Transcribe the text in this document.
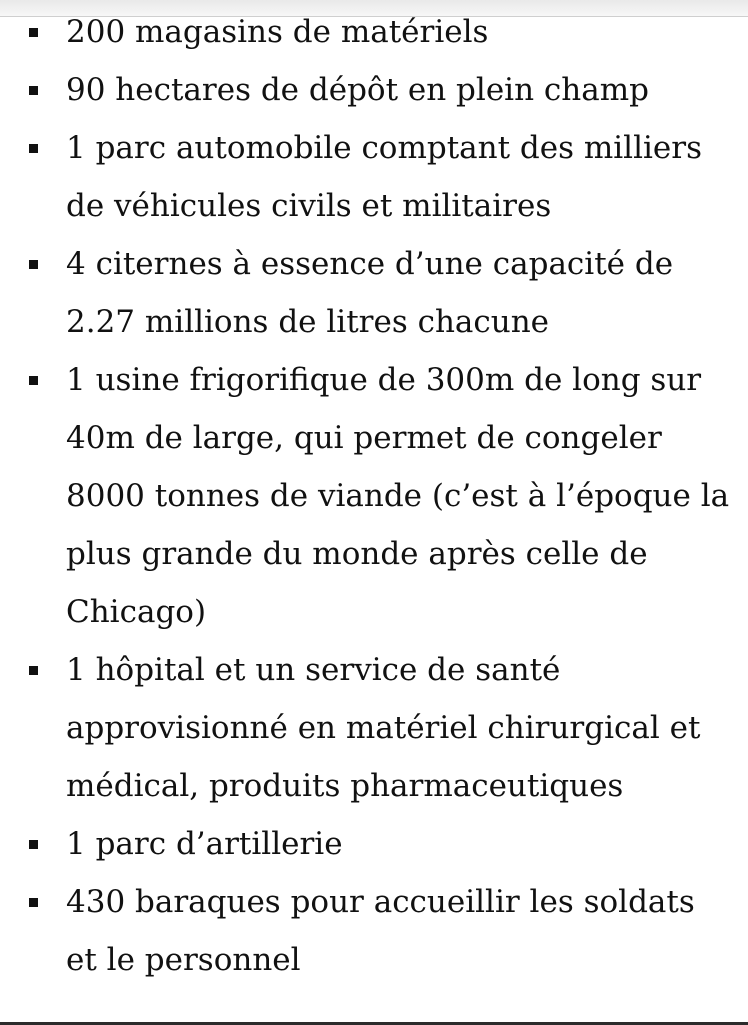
200 magasins de matériels
90 hectares de dépôt en plein champ
1 parc automobile comptant des milliers de véhicules civils et militaires
4 citernes à essence d’une capacité de 2.27 millions de litres chacune
1 usine frigorifique de 300m de long sur 40m de large, qui permet de congeler 8000 tonnes de viande (c’est à l’époque la plus grande du monde après celle de Chicago)
1 hôpital et un service de santé approvisionné en matériel chirurgical et médical, produits pharmaceutiques
1 parc d’artillerie
430 baraques pour accueillir les soldats et le personnel
